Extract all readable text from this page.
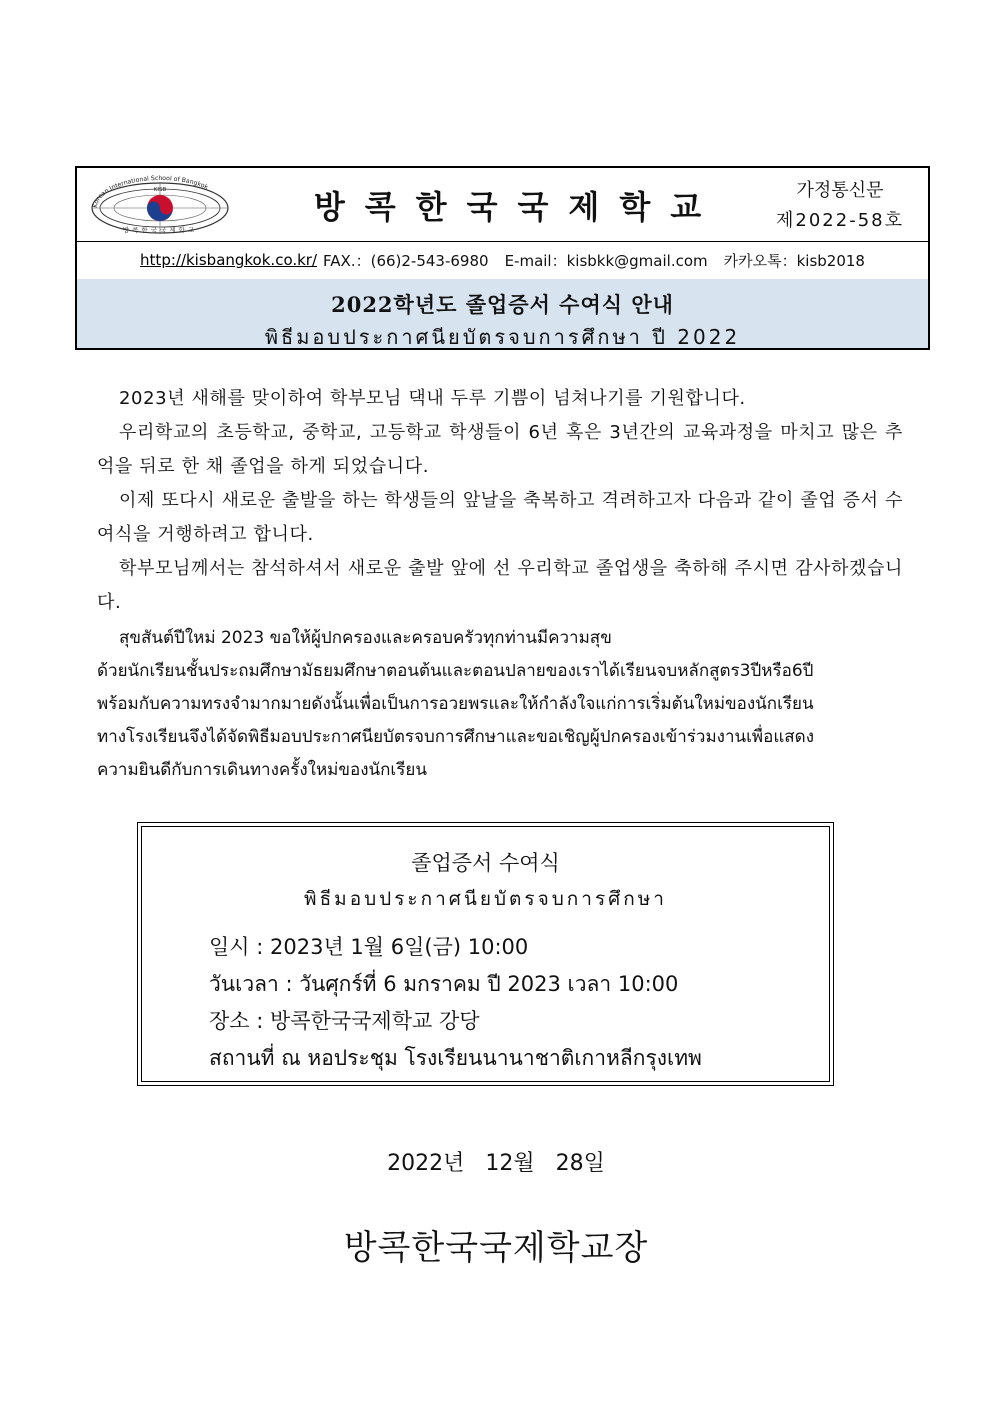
Korean International School of Bangkok
KISB
방콕한국국제학교
방콕한국국제학교	가정통신문
제2022-58호
http://kisbangkok.co.kr/ FAX.：(66)2-543-6980 E-mail：kisbkk@gmail.com 카카오톡：kisb2018
2022학년도 졸업증서 수여식 안내
พิธีมอบประกาศนียบัตรจบการศึกษา ปี 2022

2023년 새해를 맞이하여 학부모님 댁내 두루 기쁨이 넘쳐나기를 기원합니다.

우리학교의 초등학교, 중학교, 고등학교 학생들이 6년 혹은 3년간의 교육과정을 마치고 많은 추억을 뒤로 한 채 졸업을 하게 되었습니다.

이제 또다시 새로운 출발을 하는 학생들의 앞날을 축복하고 격려하고자 다음과 같이 졸업 증서 수여식을 거행하려고 합니다.

학부모님께서는 참석하셔서 새로운 출발 앞에 선 우리학교 졸업생을 축하해 주시면 감사하겠습니다.

สุขสันต์ปีใหม่ 2023 ขอให้ผู้ปกครองและครอบครัวทุกท่านมีความสุข
ด้วยนักเรียนชั้นประถมศึกษามัธยมศึกษาตอนต้นและตอนปลายของเราได้เรียนจบหลักสูตร3ปีหรือ6ปี
พร้อมกับความทรงจำมากมายดังนั้นเพื่อเป็นการอวยพรและให้กำลังใจแก่การเริ่มต้นใหม่ของนักเรียน
ทางโรงเรียนจึงได้จัดพิธีมอบประกาศนียบัตรจบการศึกษาและขอเชิญผู้ปกครองเข้าร่วมงานเพื่อแสดง
ความยินดีกับการเดินทางครั้งใหม่ของนักเรียน
졸업증서 수여식
พิธีมอบประกาศนียบัตรจบการศึกษา
일시 : 2023년 1월 6일(금) 10:00
วันเวลา : วันศุกร์ที่ 6 มกราคม ปี 2023 เวลา 10:00
장소 : 방콕한국국제학교 강당
สถานที่ ณ หอประชุม โรงเรียนนานาชาติเกาหลีกรุงเทพ
2022년   12월   28일
방콕한국국제학교장
